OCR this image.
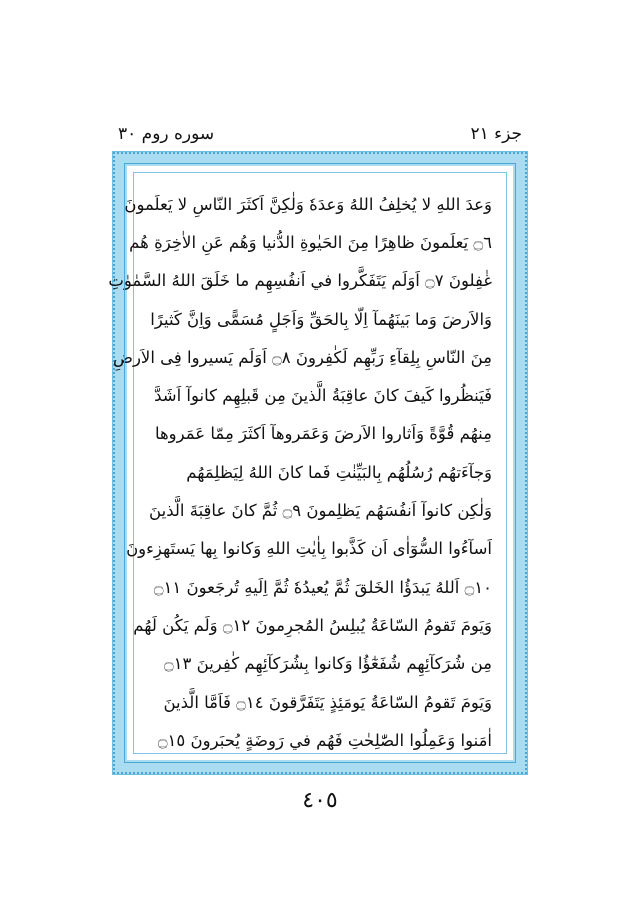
جزء ۲۱
سوره روم ۳۰
وَعدَ اللهِ لا يُخلِفُ اللهُ وَعدَهٗ وَلٰكِنَّ اَكثَرَ النّاسِ لا يَعلَمونَ
۝٦ يَعلَمونَ ظاهِرًا مِنَ الحَيٰوةِ الدُّنيا وَهُم عَنِ الاٰخِرَةِ هُم
غٰفِلونَ ۝٧ اَوَلَم يَتَفَكَّروا في اَنفُسِهِم ما خَلَقَ اللهُ السَّمٰوٰتِ
وَالاَرضَ وَما بَينَهُمآ اِلّا بِالحَقِّ وَاَجَلٍ مُسَمًّى وَاِنَّ كَثيرًا
مِنَ النّاسِ بِلِقآءِ رَبِّهِم لَكٰفِرونَ ۝٨ اَوَلَم يَسيروا فِى الاَرضِ
فَيَنظُروا كَيفَ كانَ عاقِبَةُ الَّذينَ مِن قَبلِهِم كانوآ اَشَدَّ
مِنهُم قُوَّةً وَاَثاروا الاَرضَ وَعَمَروهآ اَكثَرَ مِمّا عَمَروها
وَجآءَتهُم رُسُلُهُم بِالبَيِّنٰتِ فَما كانَ اللهُ لِيَظلِمَهُم
وَلٰكِن كانوآ اَنفُسَهُم يَظلِمونَ ۝٩ ثُمَّ كانَ عاقِبَةَ الَّذينَ
اَسآءُوا السُّوٓاٰى اَن كَذَّبوا بِاٰيٰتِ اللهِ وَكانوا بِها يَستَهزِءونَ
۝١٠ اَللهُ يَبدَؤُا الخَلقَ ثُمَّ يُعيدُهٗ ثُمَّ اِلَيهِ تُرجَعونَ ۝١١
وَيَومَ تَقومُ السّاعَةُ يُبلِسُ المُجرِمونَ ۝١٢ وَلَم يَكُن لَهُم
مِن شُرَكآئِهِم شُفَعٰٓؤُا وَكانوا بِشُرَكآئِهِم كٰفِرينَ ۝١٣
وَيَومَ تَقومُ السّاعَةُ يَومَئِذٍ يَتَفَرَّقونَ ۝١٤ فَاَمَّا الَّذينَ
اٰمَنوا وَعَمِلُوا الصّٰلِحٰتِ فَهُم في رَوضَةٍ يُحبَرونَ ۝١٥
٤٠٥
